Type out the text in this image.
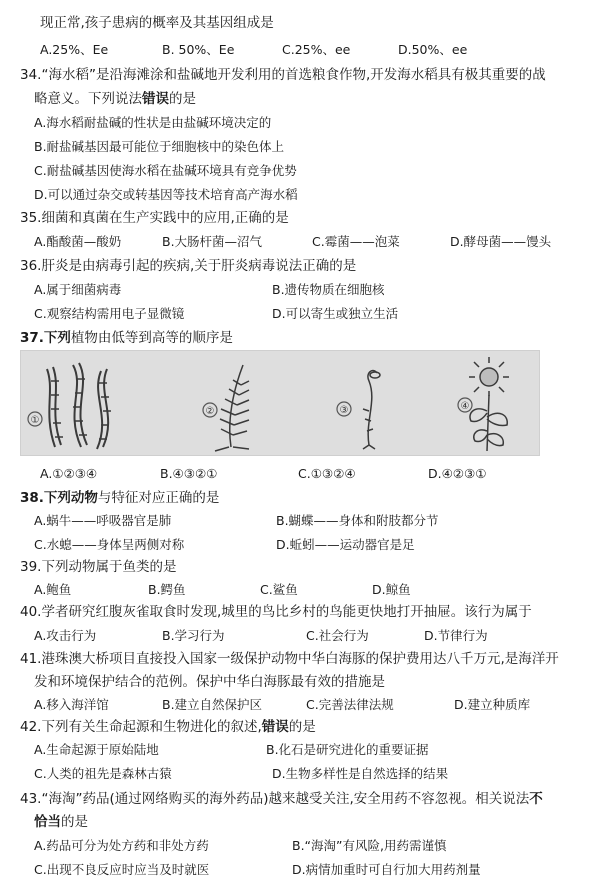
现正常,孩子患病的概率及其基因组成是
A.25%、Ee	B. 50%、Ee	C.25%、ee	D.50%、ee
34.“海水稻”是沿海滩涂和盐碱地开发利用的首选粮食作物,开发海水稻具有极其重要的战
略意义。下列说法错误的是
A.海水稻耐盐碱的性状是由盐碱环境决定的
B.耐盐碱基因最可能位于细胞核中的染色体上
C.耐盐碱基因使海水稻在盐碱环境具有竞争优势
D.可以通过杂交或转基因等技术培育高产海水稻
35.细菌和真菌在生产实践中的应用,正确的是
A.酯酸菌—酸奶	B.大肠杆菌—沼气	C.霉菌——泡菜	D.酵母菌——馒头
36.肝炎是由病毒引起的疾病,关于肝炎病毒说法正确的是
A.属于细菌病毒	B.遗传物质在细胞核
C.观察结构需用电子显微镜	D.可以寄生或独立生活
37.下列植物由低等到高等的顺序是
①
②	③	④
A.①②③④	B.④③②①	C.①③②④	D.④②③①
38.下列动物与特征对应正确的是
A.蜗牛——呼吸器官是肺	B.蝴蝶——身体和附肢都分节
C.水螅——身体呈两侧对称	D.蚯蚓——运动器官是足
39.下列动物属于鱼类的是
A.鲍鱼	B.鳄鱼	C.鲨鱼	D.鲸鱼
40.学者研究红腹灰雀取食时发现,城里的鸟比乡村的鸟能更快地打开抽屉。该行为属于
A.攻击行为	B.学习行为	C.社会行为	D.节律行为
41.港珠澳大桥项目直接投入国家一级保护动物中华白海豚的保护费用达八千万元,是海洋开
发和环境保护结合的范例。保护中华白海豚最有效的措施是
A.移入海洋馆	B.建立自然保护区	C.完善法律法规	D.建立种质库
42.下列有关生命起源和生物进化的叙述,错误的是
A.生命起源于原始陆地	B.化石是研究进化的重要证据
C.人类的祖先是森林古猿	D.生物多样性是自然选择的结果
43.“海淘”药品(通过网络购买的海外药品)越来越受关注,安全用药不容忽视。相关说法不
恰当的是
A.药品可分为处方药和非处方药	B.“海淘”有风险,用药需谨慎
C.出现不良反应时应当及时就医	D.病情加重时可自行加大用药剂量
